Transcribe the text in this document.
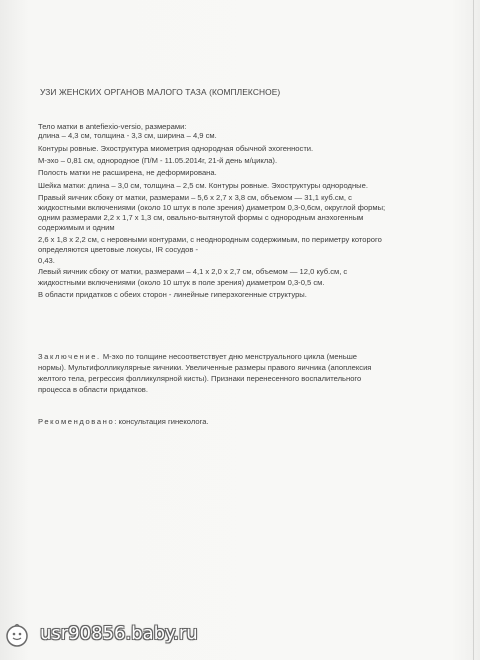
УЗИ ЖЕНСКИХ ОРГАНОВ МАЛОГО ТАЗА (КОМПЛЕКСНОЕ)
Тело матки в antefiexio-versio, размерами:
длина – 4,3 см, толщина - 3,3 см, ширина – 4,9 см.
Контуры ровные. Эхоструктура миометрия однородная обычной эхогенности.
М-эхо – 0,81 см, однородное (П/М - 11.05.2014г, 21-й день м/цикла).
Полость матки не расширена, не деформирована.
Шейка матки: длина – 3,0 см, толщина – 2,5 см. Контуры ровные. Эхоструктуры однородные.
Правый яичник сбоку от матки, размерами – 5,6 х 2,7 х 3,8 см, объемом — 31,1 куб.см, с
жидкостными включениями (около 10 штук в поле зрения) диаметром 0,3-0,6см, округлой формы;
одним размерами 2,2 х 1,7 х 1,3 см, овально-вытянутой формы с однородным анэхогенным
содержимым и одним
2,6 х 1,8 х 2,2 см, с неровными контурами, с неоднородным содержимым, по периметру которого
определяются цветовые локусы, IR сосудов -
0,43.
Левый яичник сбоку от матки, размерами – 4,1 х 2,0 х 2,7 см, объемом — 12,0 куб.см, с
жидкостными включениями (около 10 штук в поле зрения) диаметром 0,3-0,5 см.
В области придатков с обеих сторон - линейные гиперэхогенные структуры.
Заключение. М-эхо по толщине несоответствует дню менструального цикла (меньше
нормы). Мультифолликулярные яичники. Увеличенные размеры правого яичника (апоплексия
желтого тела, регрессия фолликулярной кисты). Признаки перенесенного воспалительного
процесса в области придатков.
Рекомендовано: консультация гинеколога.
usr90856.baby.ru
